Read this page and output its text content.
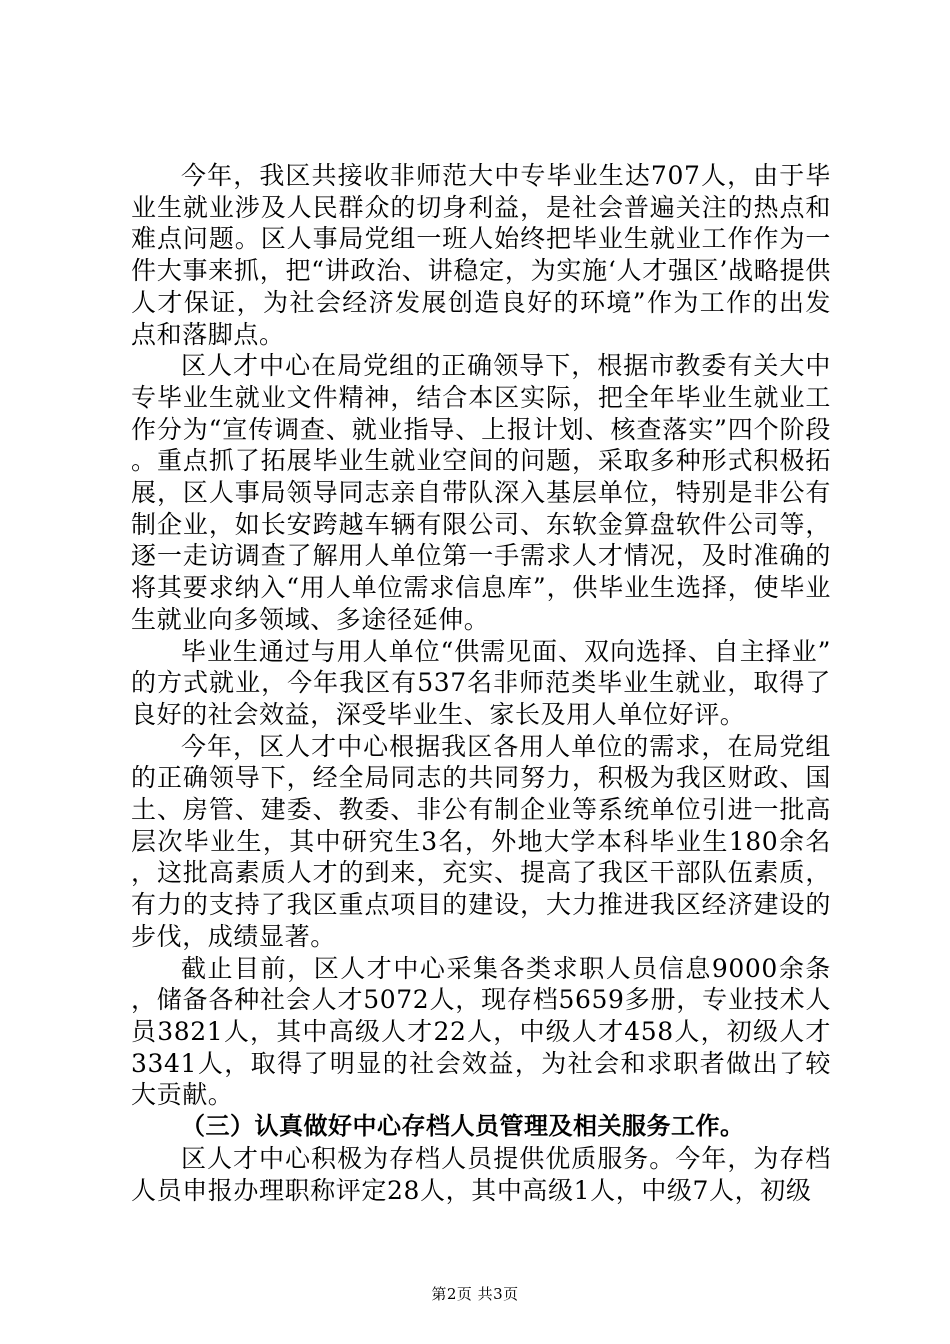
今年，我区共接收非师范大中专毕业生达707人，由于毕业生就业涉及人民群众的切身利益，是社会普遍关注的热点和难点问题。区人事局党组一班人始终把毕业生就业工作作为一件大事来抓，把“讲政治、讲稳定，为实施‘人才强区’战略提供人才保证，为社会经济发展创造良好的环境”作为工作的出发点和落脚点。

区人才中心在局党组的正确领导下，根据市教委有关大中专毕业生就业文件精神，结合本区实际，把全年毕业生就业工作分为“宣传调查、就业指导、上报计划、核查落实”四个阶段。重点抓了拓展毕业生就业空间的问题，采取多种形式积极拓展，区人事局领导同志亲自带队深入基层单位，特别是非公有制企业，如长安跨越车辆有限公司、东软金算盘软件公司等，逐一走访调查了解用人单位第一手需求人才情况，及时准确的将其要求纳入“用人单位需求信息库”，供毕业生选择，使毕业生就业向多领域、多途径延伸。

毕业生通过与用人单位“供需见面、双向选择、自主择业”的方式就业，今年我区有537名非师范类毕业生就业，取得了良好的社会效益，深受毕业生、家长及用人单位好评。

今年，区人才中心根据我区各用人单位的需求，在局党组的正确领导下，经全局同志的共同努力，积极为我区财政、国土、房管、建委、教委、非公有制企业等系统单位引进一批高层次毕业生，其中研究生3名，外地大学本科毕业生180余名，这批高素质人才的到来，充实、提高了我区干部队伍素质，有力的支持了我区重点项目的建设，大力推进我区经济建设的步伐，成绩显著。

截止目前，区人才中心采集各类求职人员信息9000余条，储备各种社会人才5072人，现存档5659多册，专业技术人员3821人，其中高级人才22人，中级人才458人，初级人才3341人，取得了明显的社会效益，为社会和求职者做出了较大贡献。

（三）认真做好中心存档人员管理及相关服务工作。

区人才中心积极为存档人员提供优质服务。今年，为存档人员申报办理职称评定28人，其中高级1人，中级7人，初级

第2页 共3页
